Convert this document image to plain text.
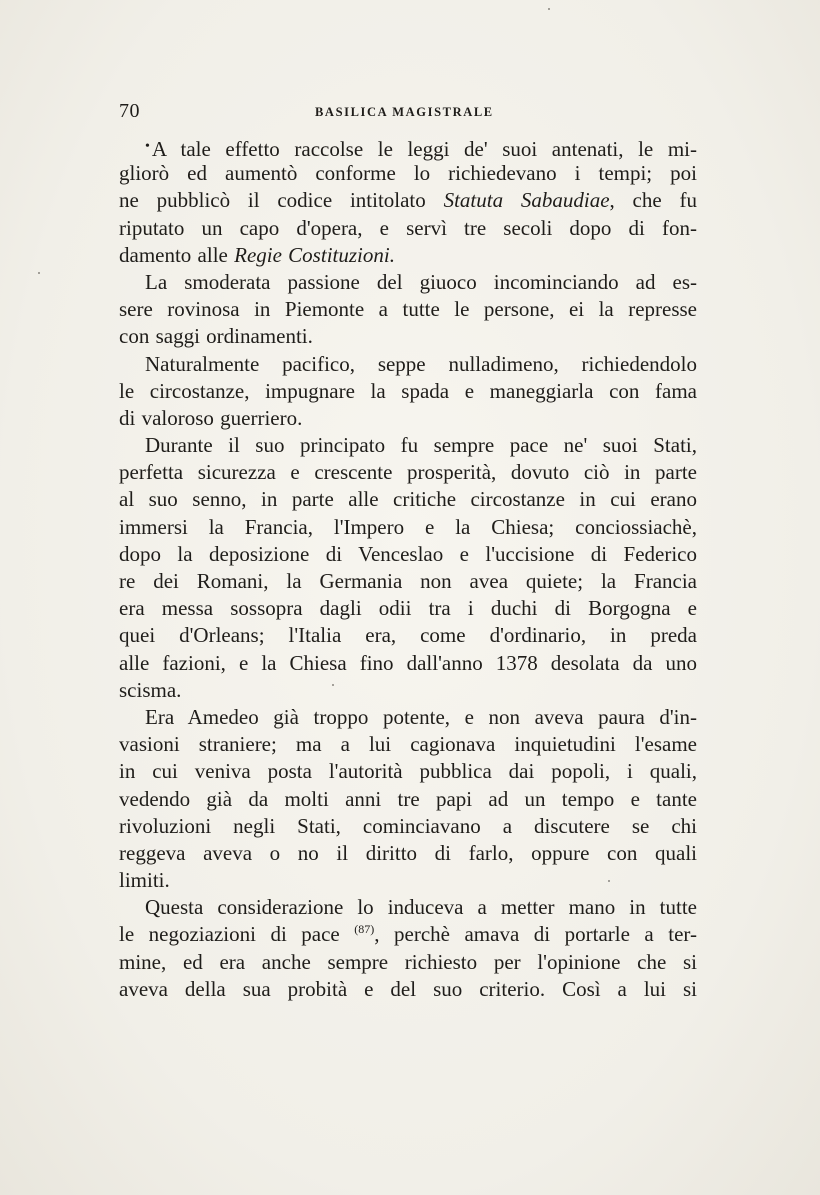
70	BASILICA MAGISTRALE
•A tale effetto raccolse le leggi de' suoi antenati, le mi-
gliorò ed aumentò conforme lo richiedevano i tempi; poi
ne pubblicò il codice intitolato Statuta Sabaudiae, che fu
riputato un capo d'opera, e servì tre secoli dopo di fon-
damento alle Regie Costituzioni.
La smoderata passione del giuoco incominciando ad es-
sere rovinosa in Piemonte a tutte le persone, ei la represse
con saggi ordinamenti.
Naturalmente pacifico, seppe nulladimeno, richiedendolo
le circostanze, impugnare la spada e maneggiarla con fama
di valoroso guerriero.
Durante il suo principato fu sempre pace ne' suoi Stati,
perfetta sicurezza e crescente prosperità, dovuto ciò in parte
al suo senno, in parte alle critiche circostanze in cui erano
immersi la Francia, l'Impero e la Chiesa; conciossiachè,
dopo la deposizione di Venceslao e l'uccisione di Federico
re dei Romani, la Germania non avea quiete; la Francia
era messa sossopra dagli odii tra i duchi di Borgogna e
quei d'Orleans; l'Italia era, come d'ordinario, in preda
alle fazioni, e la Chiesa fino dall'anno 1378 desolata da uno
scisma.
Era Amedeo già troppo potente, e non aveva paura d'in-
vasioni straniere; ma a lui cagionava inquietudini l'esame
in cui veniva posta l'autorità pubblica dai popoli, i quali,
vedendo già da molti anni tre papi ad un tempo e tante
rivoluzioni negli Stati, cominciavano a discutere se chi
reggeva aveva o no il diritto di farlo, oppure con quali
limiti.
Questa considerazione lo induceva a metter mano in tutte
le negoziazioni di pace $^{(87)}$, perchè amava di portarle a ter-
mine, ed era anche sempre richiesto per l'opinione che si
aveva della sua probità e del suo criterio. Così a lui si
